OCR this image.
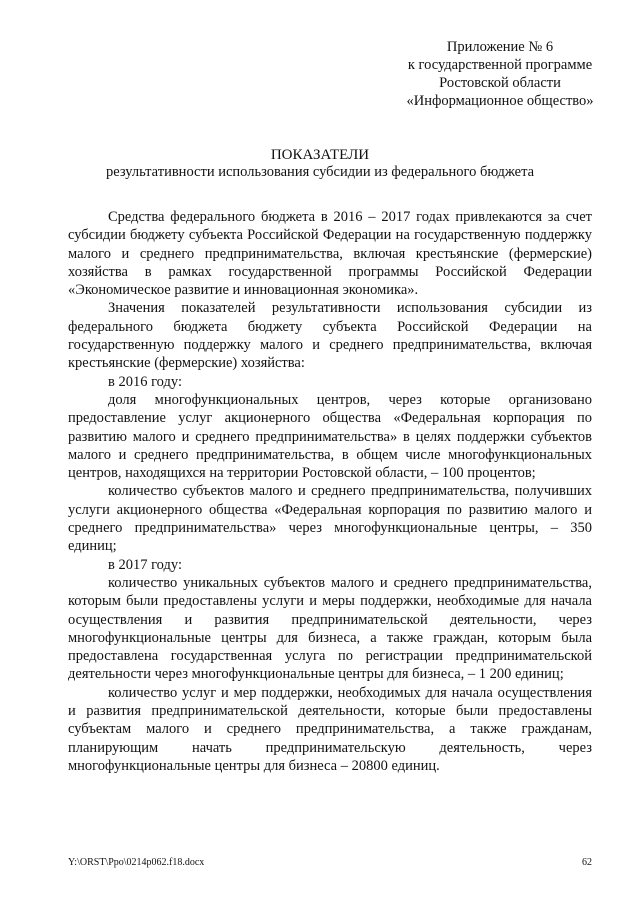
Приложение № 6
к государственной программе
Ростовской области
«Информационное общество»
ПОКАЗАТЕЛИ
результативности использования субсидии из федерального бюджета

Средства федерального бюджета в 2016 – 2017 годах привлекаются за счет субсидии бюджету субъекта Российской Федерации на государственную поддержку малого и среднего предпринимательства, включая крестьянские (фермерские) хозяйства в рамках государственной программы Российской Федерации «Экономическое развитие и инновационная экономика».

Значения показателей результативности использования субсидии из федерального бюджета бюджету субъекта Российской Федерации на государственную поддержку малого и среднего предпринимательства, включая крестьянские (фермерские) хозяйства:

в 2016 году:

доля многофункциональных центров, через которые организовано предоставление услуг акционерного общества «Федеральная корпорация по развитию малого и среднего предпринимательства» в целях поддержки субъектов малого и среднего предпринимательства, в общем числе многофункциональных центров, находящихся на территории Ростовской области, – 100 процентов;

количество субъектов малого и среднего предпринимательства, получивших услуги акционерного общества «Федеральная корпорация по развитию малого и среднего предпринимательства» через многофункциональные центры, – 350 единиц;

в 2017 году:

количество уникальных субъектов малого и среднего предпринимательства, которым были предоставлены услуги и меры поддержки, необходимые для начала осуществления и развития предпринимательской деятельности, через многофункциональные центры для бизнеса, а также граждан, которым была предоставлена государственная услуга по регистрации предпринимательской деятельности через многофункциональные центры для бизнеса, – 1 200 единиц;

количество услуг и мер поддержки, необходимых для начала осуществления и развития предпринимательской деятельности, которые были предоставлены субъектам малого и среднего предпринимательства, а также гражданам, планирующим начать предпринимательскую деятельность, через многофункциональные центры для бизнеса – 20800 единиц.

Y:\ORST\Ppo\0214p062.f18.docx	62
